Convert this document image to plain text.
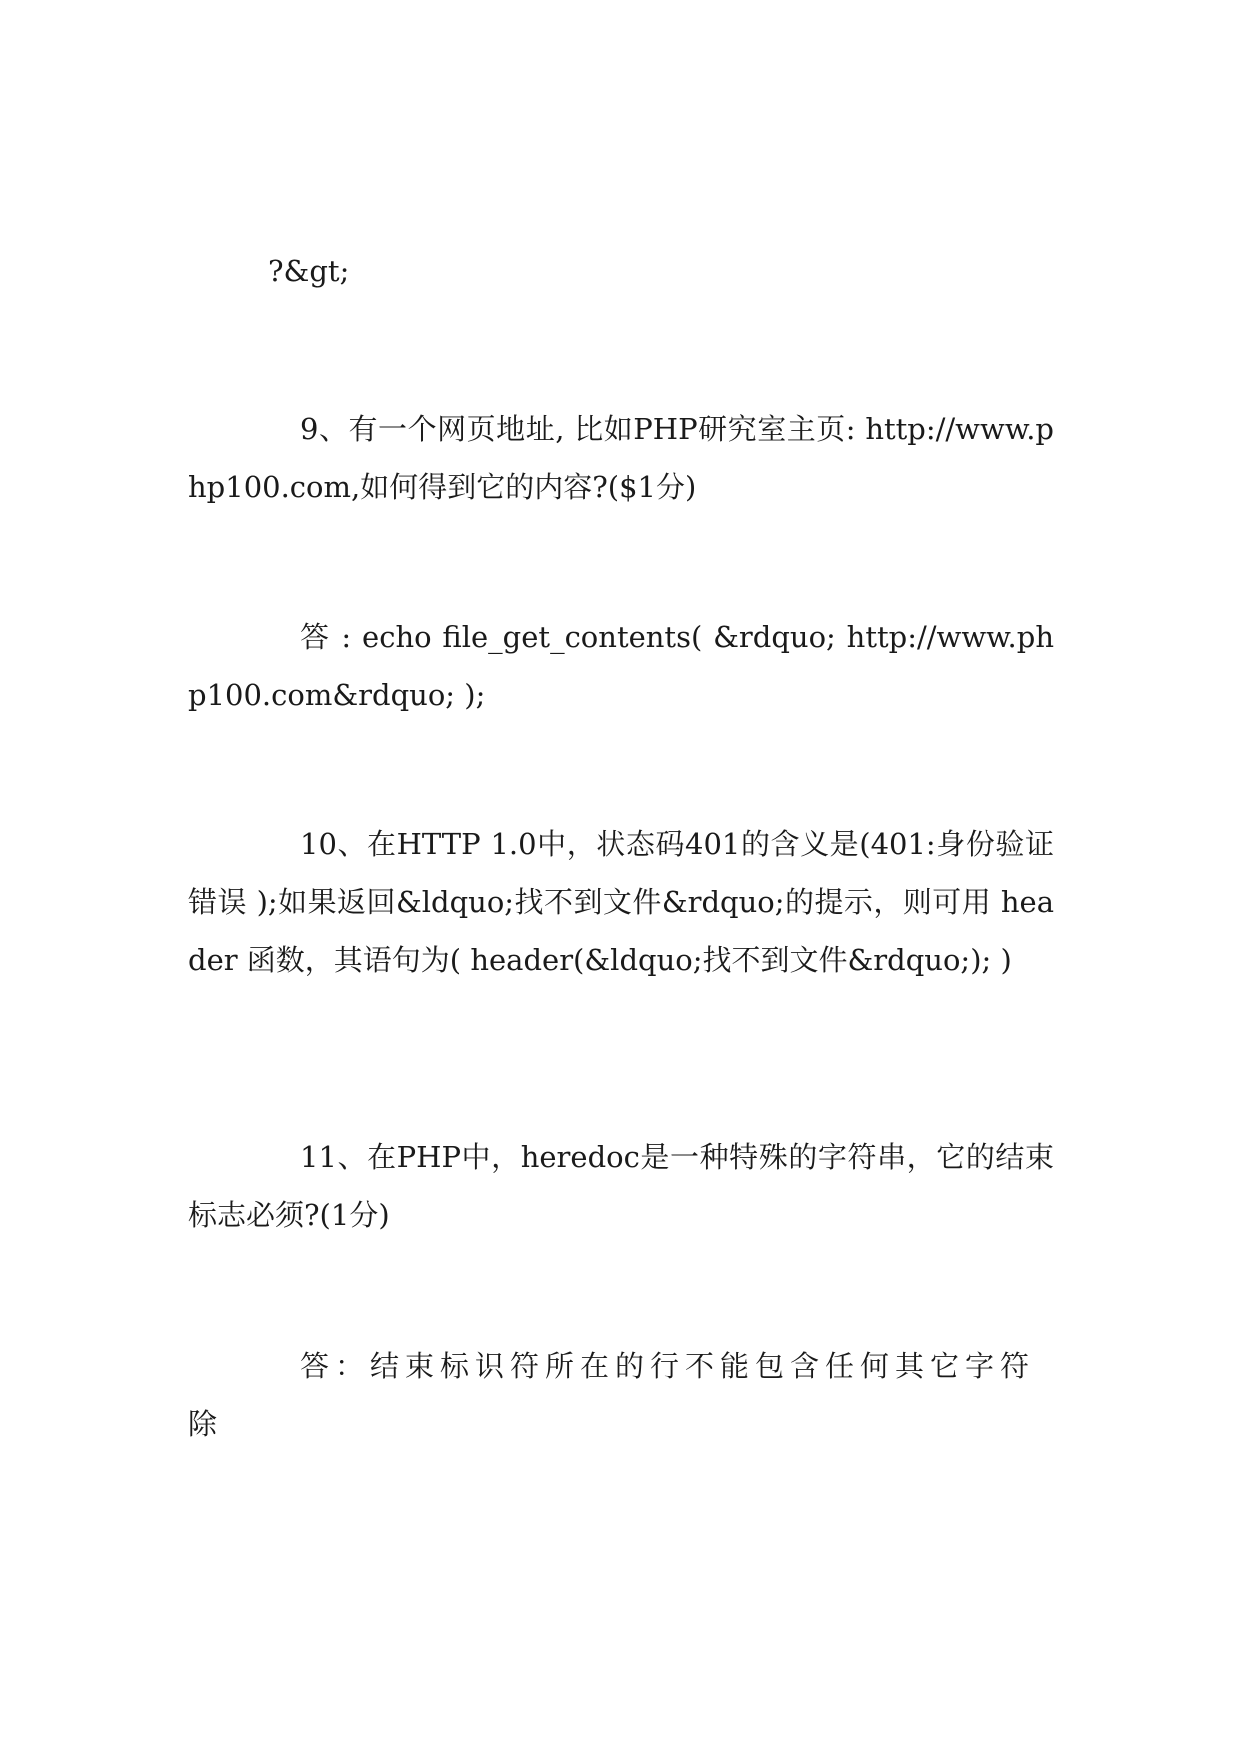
?&gt;

9、有一个网页地址, 比如PHP研究室主页: http://www.php100.com,如何得到它的内容?($1分)

答 : echo file_get_contents( &rdquo; http://www.php100.com&rdquo; );

10、在HTTP 1.0中，状态码401的含义是(401:身份验证错误 );如果返回&ldquo;找不到文件&rdquo;的提示，则可用 header 函数，其语句为( header(&ldquo;找不到文件&rdquo;); )

11、在PHP中，heredoc是一种特殊的字符串，它的结束标志必须?(1分)

答：结束标识符所在的行不能包含任何其它字符除
